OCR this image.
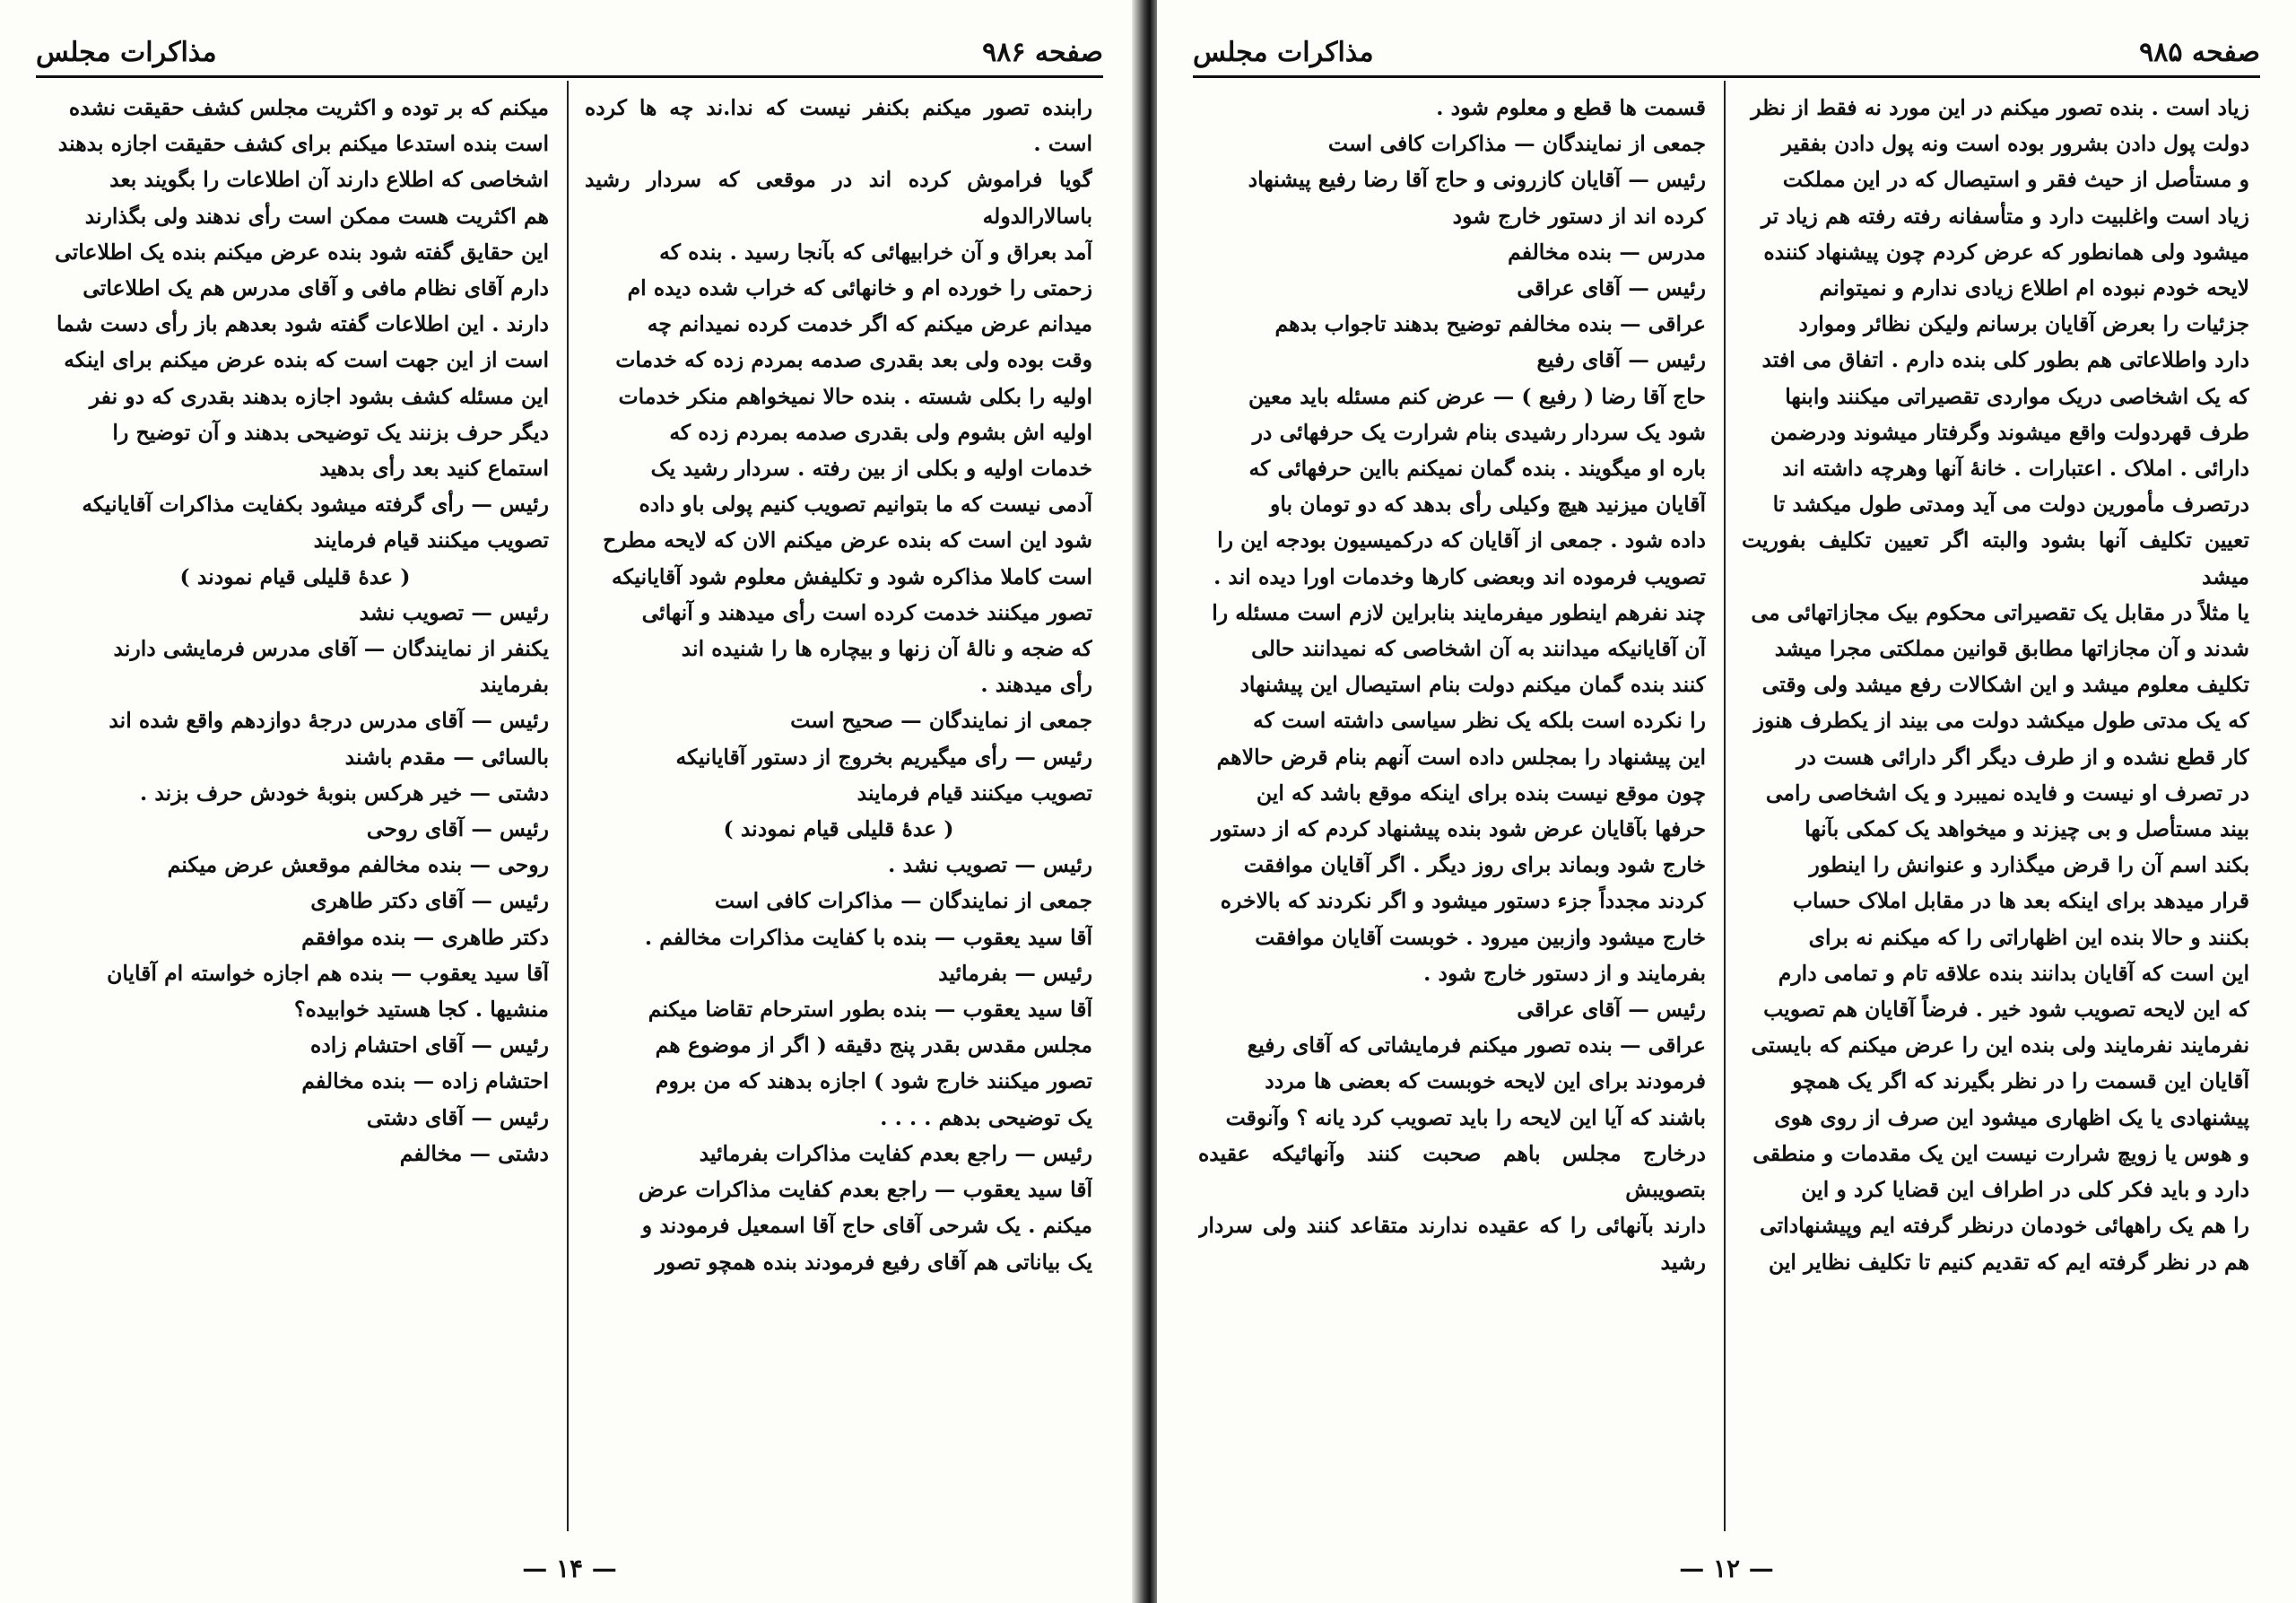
صفحه ۹۸۶
مذاكرات مجلس

رابنده تصور میکنم بکنفر نیست که ندا.ند چه ها کرده است .

گویا فراموش کرده اند در موقعی که سردار رشید باسالارالدوله

آمد بعراق و آن خرابیهائی که بآنجا رسید . بنده که

زحمتی را خورده ام و خانهائی که خراب شده دیده ام

میدانم عرض میکنم که اگر خدمت کرده نمیدانم چه

وقت بوده ولی بعد بقدری صدمه بمردم زده که خدمات

اولیه را بکلی شسته . بنده حالا نمیخواهم منکر خدمات

اولیه اش بشوم ولی بقدری صدمه بمردم زده که

خدمات اولیه و بکلی از بین رفته . سردار رشید یک

آدمی نیست که ما بتوانیم تصویب کنیم پولی باو داده

شود این است که بنده عرض میکنم الان که لایحه مطرح

است کاملا مذاکره شود و تکلیفش معلوم شود آقایانیکه

تصور میکنند خدمت کرده است رأی میدهند و آنهائی

که ضجه و نالهٔ آن زنها و بیچاره ها را شنیده اند

رأی میدهند .

جمعی از نمایندگان — صحیح است

رئیس — رأی میگیریم بخروج از دستور آقایانیکه

تصویب میکنند قیام فرمایند

( عدهٔ قلیلی قیام نمودند )

رئیس — تصویب نشد .

جمعی از نمایندگان — مذاکرات کافی است

آقا سید یعقوب — بنده با کفایت مذاکرات مخالفم .

رئیس — بفرمائید

آقا سید یعقوب — بنده بطور استرحام تقاضا میکنم

مجلس مقدس بقدر پنج دقیقه ( اگر از موضوع هم

تصور میکنند خارج شود ) اجازه بدهند که من بروم

یک توضیحی بدهم . . . .

رئیس — راجع بعدم کفایت مذاکرات بفرمائید

آقا سید یعقوب — راجع بعدم کفایت مذاکرات عرض

میکنم . یک شرحی آقای حاج آقا اسمعیل فرمودند و

یک بیاناتی هم آقای رفیع فرمودند بنده همچو تصور

میکنم که بر توده و اکثریت مجلس کشف حقیقت نشده

است بنده استدعا میکنم برای کشف حقیقت اجازه بدهند

اشخاصی که اطلاع دارند آن اطلاعات را بگویند بعد

هم اکثریت هست ممکن است رأی ندهند ولی بگذارند

این حقایق گفته شود بنده عرض میکنم بنده یک اطلاعاتی

دارم آقای نظام مافی و آقای مدرس هم یک اطلاعاتی

دارند . این اطلاعات گفته شود بعدهم باز رأی دست شما

است از این جهت است که بنده عرض میکنم برای اینکه

این مسئله کشف بشود اجازه بدهند بقدری که دو نفر

دیگر حرف بزنند یک توضیحی بدهند و آن توضیح را

استماع کنید بعد رأی بدهید

رئیس — رأی گرفته میشود بکفایت مذاکرات آقایانیکه

تصویب میکنند قیام فرمایند

( عدهٔ قلیلی قیام نمودند )

رئیس — تصویب نشد

یکنفر از نمایندگان — آقای مدرس فرمایشی دارند

بفرمایند

رئیس — آقای مدرس درجهٔ دوازدهم واقع شده اند

بالسائی — مقدم باشند

دشتی — خیر هرکس بنوبهٔ خودش حرف بزند .

رئیس — آقای روحی

روحی — بنده مخالفم موقعش عرض میکنم

رئیس — آقای دکتر طاهری

دکتر طاهری — بنده موافقم

آقا سید یعقوب — بنده هم اجازه خواسته ام آقایان

منشیها . کجا هستید خوابیده؟

رئیس — آقای احتشام زاده

احتشام زاده — بنده مخالفم

رئیس — آقای دشتی

دشتی — مخالفم

— ۱۴ —
صفحه ۹۸۵
مذاکرات مجلس

زیاد است . بنده تصور میکنم در این مورد نه فقط از نظر

دولت پول دادن بشرور بوده است ونه پول دادن بفقیر

و مستأصل از حیث فقر و استیصال که در این مملکت

زیاد است واغلبیت دارد و متأسفانه رفته رفته هم زیاد تر

میشود ولی همانطور که عرض کردم چون پیشنهاد کننده

لایحه خودم نبوده ام اطلاع زیادی ندارم و نمیتوانم

جزئیات را بعرض آقایان برسانم ولیکن نظائر وموارد

دارد واطلاعاتی هم بطور کلی بنده دارم . اتفاق می افتد

که یک اشخاصی دریک مواردی تقصیراتی میکنند وابنها

طرف قهردولت واقع میشوند وگرفتار میشوند ودرضمن

دارائی . املاک . اعتبارات . خانهٔ آنها وهرچه داشته اند

درتصرف مأمورین دولت می آید ومدتی طول میکشد تا

تعیین تکلیف آنها بشود والبته اگر تعیین تکلیف بفوریت میشد

یا مثلاً در مقابل یک تقصیراتی محکوم بیک مجازاتهائی می

شدند و آن مجازاتها مطابق قوانین مملکتی مجرا میشد

تکلیف معلوم میشد و این اشکالات رفع میشد ولی وقتی

که یک مدتی طول میکشد دولت می بیند از یکطرف هنوز

کار قطع نشده و از طرف دیگر اگر دارائی هست در

در تصرف او نیست و فایده نمیبرد و یک اشخاصی رامی

بیند مستأصل و بی چیزند و میخواهد یک کمکی بآنها

بکند اسم آن را قرض میگذارد و عنوانش را اینطور

قرار میدهد برای اینکه بعد ها در مقابل املاک حساب

بکنند و حالا بنده این اظهاراتی را که میکنم نه برای

این است که آقایان بدانند بنده علاقه تام و تمامی دارم

که این لایحه تصویب شود خیر . فرضاً آقایان هم تصویب

نفرمایند نفرمایند ولی بنده این را عرض میکنم که بایستی

آقایان این قسمت را در نظر بگیرند که اگر یک همچو

پیشنهادی یا یک اظهاری میشود این صرف از روی هوی

و هوس یا زویچ شرارت نیست این یک مقدمات و منطقی

دارد و باید فکر کلی در اطراف این قضایا کرد و این

را هم یک راههائی خودمان درنظر گرفته ایم وپیشنهاداتی

هم در نظر گرفته ایم که تقدیم کنیم تا تکلیف نظایر این

قسمت ها قطع و معلوم شود .

جمعی از نمایندگان — مذاکرات کافی است

رئیس — آقایان کازرونی و حاج آقا رضا رفیع پیشنهاد

کرده اند از دستور خارج شود

مدرس — بنده مخالفم

رئیس — آقای عراقی

عراقی — بنده مخالفم توضیح بدهند تاجواب بدهم

رئیس — آقای رفیع

حاج آقا رضا ( رفیع ) — عرض کنم مسئله باید معین

شود یک سردار رشیدی بنام شرارت یک حرفهائی در

باره او میگویند . بنده گمان نمیکنم بااین حرفهائی که

آقایان میزنید هیچ وکیلی رأی بدهد که دو تومان باو

داده شود . جمعی از آقایان که درکمیسیون بودجه این را

تصویب فرموده اند وبعضی کارها وخدمات اورا دیده اند .

چند نفرهم اینطور میفرمایند بنابراین لازم است مسئله را

آن آقایانیکه میدانند به آن اشخاصی که نمیدانند حالی

کنند بنده گمان میکنم دولت بنام استیصال این پیشنهاد

را نکرده است بلکه یک نظر سیاسی داشته است که

این پیشنهاد را بمجلس داده است آنهم بنام قرض حالاهم

چون موقع نیست بنده برای اینکه موقع باشد که این

حرفها بآقایان عرض شود بنده پیشنهاد کردم که از دستور

خارج شود وبماند برای روز دیگر . اگر آقایان موافقت

کردند مجدداً جزء دستور میشود و اگر نکردند که بالاخره

خارج میشود وازبین میرود . خوبست آقایان موافقت

بفرمایند و از دستور خارج شود .

رئیس — آقای عراقی

عراقی — بنده تصور میکنم فرمایشاتی که آقای رفیع

فرمودند برای این لایحه خوبست که بعضی ها مردد

باشند که آیا این لایحه را باید تصویب کرد یانه ؟ وآنوقت

درخارج مجلس باهم صحبت کنند وآنهائیکه عقیده بتصویبش

دارند بآنهائی را که عقیده ندارند متقاعد کنند ولی سردار رشید

— ۱۲ —
